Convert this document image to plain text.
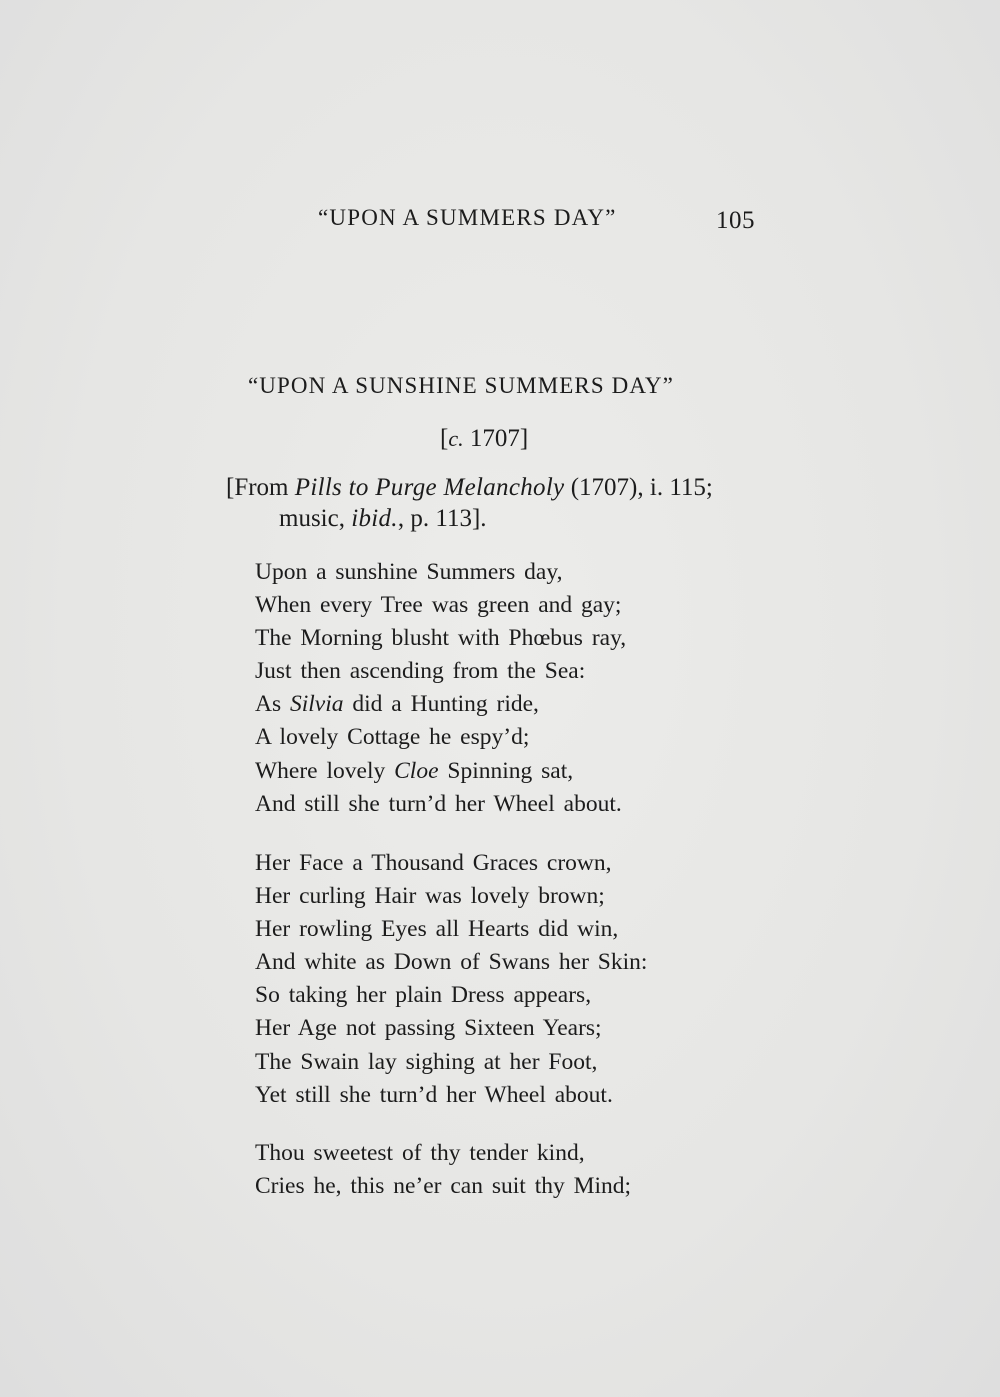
“UPON A SUMMERS DAY”	105
“UPON A SUNSHINE SUMMERS DAY”
[c. 1707]
[From Pills to Purge Melancholy (1707), i. 115;
music, ibid., p. 113].
Upon a sunshine Summers day,
When every Tree was green and gay;
The Morning blusht with Phœbus ray,
Just then ascending from the Sea:
As Silvia did a Hunting ride,
A lovely Cottage he espy’d;
Where lovely Cloe Spinning sat,
And still she turn’d her Wheel about.
Her Face a Thousand Graces crown,
Her curling Hair was lovely brown;
Her rowling Eyes all Hearts did win,
And white as Down of Swans her Skin:
So taking her plain Dress appears,
Her Age not passing Sixteen Years;
The Swain lay sighing at her Foot,
Yet still she turn’d her Wheel about.
Thou sweetest of thy tender kind,
Cries he, this ne’er can suit thy Mind;
